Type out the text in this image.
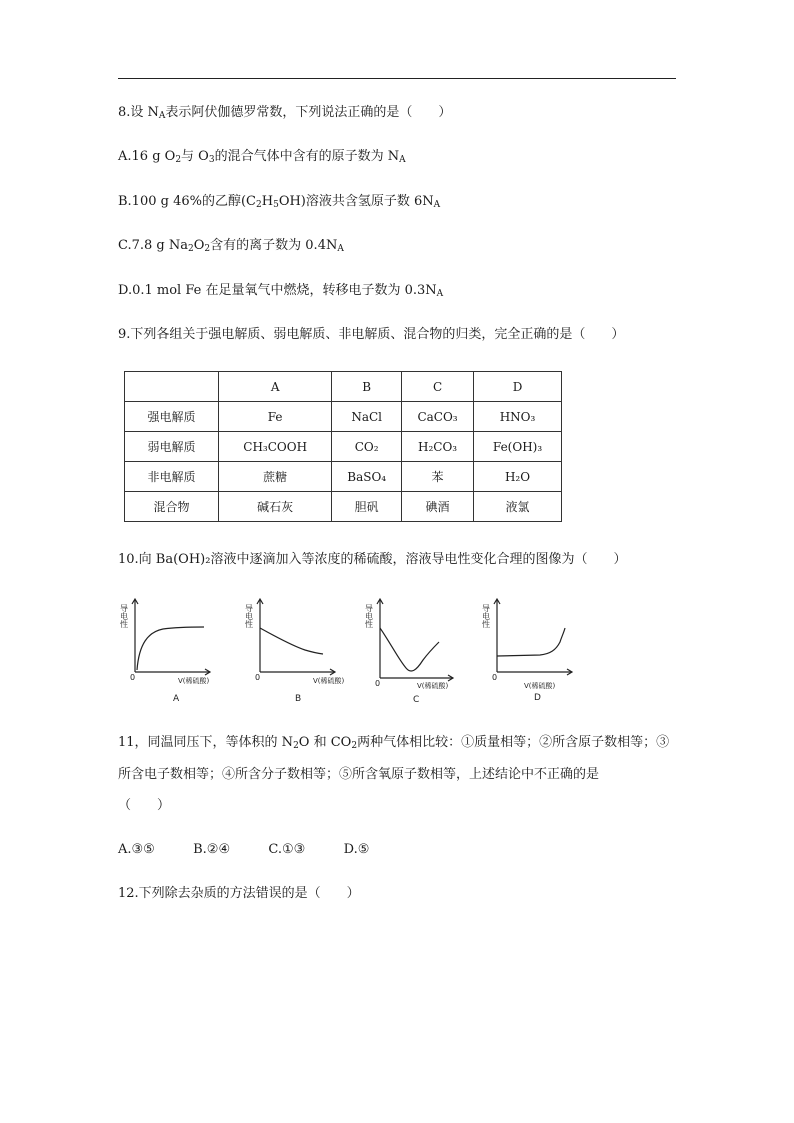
8.设 $N_A$表示阿伏伽德罗常数，下列说法正确的是（　　）
A.16 g $O_2$与 $O_3$的混合气体中含有的原子数为 $N_A$
B.100 g 46%的乙醇$(C_2H_5OH)$溶液共含氢原子数 $6N_A$
C.7.8 g $Na_2O_2$含有的离子数为 $0.4N_A$
D.0.1 mol Fe 在足量氧气中燃烧，转移电子数为 $0.3N_A$
9.下列各组关于强电解质、弱电解质、非电解质、混合物的归类，完全正确的是（　　）
	A	B	C	D
强电解质	Fe	NaCl	CaCO₃	HNO₃
弱电解质	CH₃COOH	CO₂	H₂CO₃	Fe(OH)₃
非电解质	蔗糖	BaSO₄	苯	H₂O
混合物	碱石灰	胆矾	碘酒	液氯
10.向 Ba(OH)₂溶液中逐滴加入等浓度的稀硫酸，溶液导电性变化合理的图像为（　　）
导电性
0	V(稀硫酸)
A
导电性
0	V(稀硫酸)
B
导电性
0	V(稀硫酸)
C
导电性
0
V(稀硫酸)
D
11，同温同压下，等体积的 $N_2O$ 和 $CO_2$两种气体相比较：①质量相等；②所含原子数相等；③
所含电子数相等；④所含分子数相等；⑤所含氧原子数相等，上述结论中不正确的是
（　　）
A.③⑤	B.②④	C.①③	D.⑤
12.下列除去杂质的方法错误的是（　　）
